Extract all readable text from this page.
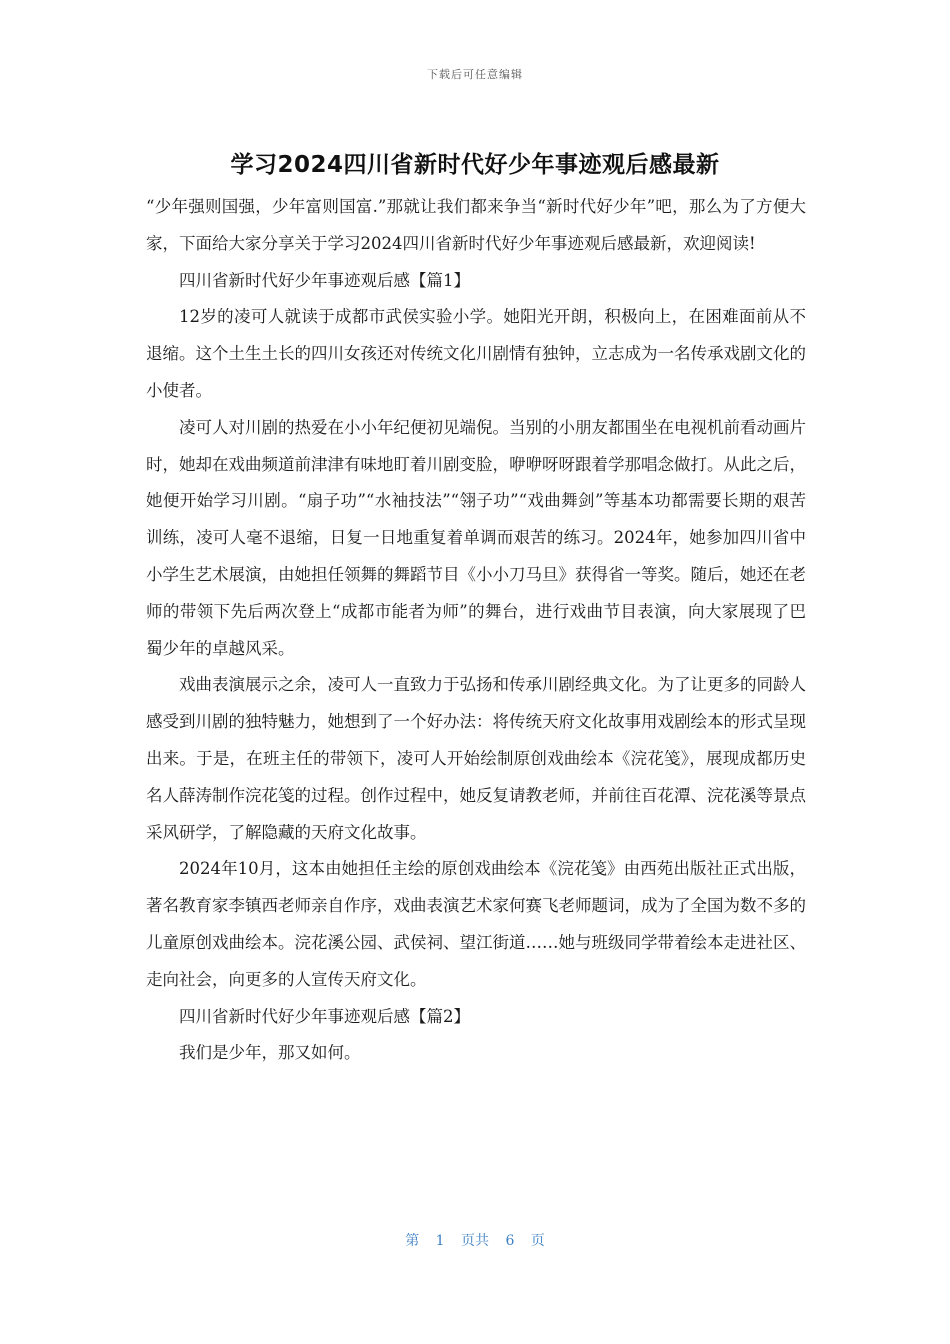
下载后可任意编辑
学习2024四川省新时代好少年事迹观后感最新

“少年强则国强，少年富则国富.”那就让我们都来争当“新时代好少年”吧，那么为了方便大家，下面给大家分享关于学习2024四川省新时代好少年事迹观后感最新，欢迎阅读!

四川省新时代好少年事迹观后感【篇1】

12岁的凌可人就读于成都市武侯实验小学。她阳光开朗，积极向上，在困难面前从不退缩。这个土生土长的四川女孩还对传统文化川剧情有独钟，立志成为一名传承戏剧文化的小使者。

凌可人对川剧的热爱在小小年纪便初见端倪。当别的小朋友都围坐在电视机前看动画片时，她却在戏曲频道前津津有味地盯着川剧变脸，咿咿呀呀跟着学那唱念做打。从此之后，她便开始学习川剧。“扇子功”“水袖技法”“翎子功”“戏曲舞剑”等基本功都需要长期的艰苦训练，凌可人毫不退缩，日复一日地重复着单调而艰苦的练习。2024年，她参加四川省中小学生艺术展演，由她担任领舞的舞蹈节目《小小刀马旦》获得省一等奖。随后，她还在老师的带领下先后两次登上“成都市能者为师”的舞台，进行戏曲节目表演，向大家展现了巴蜀少年的卓越风采。

戏曲表演展示之余，凌可人一直致力于弘扬和传承川剧经典文化。为了让更多的同龄人感受到川剧的独特魅力，她想到了一个好办法：将传统天府文化故事用戏剧绘本的形式呈现出来。于是，在班主任的带领下，凌可人开始绘制原创戏曲绘本《浣花笺》，展现成都历史名人薛涛制作浣花笺的过程。创作过程中，她反复请教老师，并前往百花潭、浣花溪等景点采风研学，了解隐藏的天府文化故事。

2024年10月，这本由她担任主绘的原创戏曲绘本《浣花笺》由西苑出版社正式出版，著名教育家李镇西老师亲自作序，戏曲表演艺术家何赛飞老师题词，成为了全国为数不多的儿童原创戏曲绘本。浣花溪公园、武侯祠、望江街道……她与班级同学带着绘本走进社区、走向社会，向更多的人宣传天府文化。

四川省新时代好少年事迹观后感【篇2】

我们是少年，那又如何。

第 1 页共 6 页
